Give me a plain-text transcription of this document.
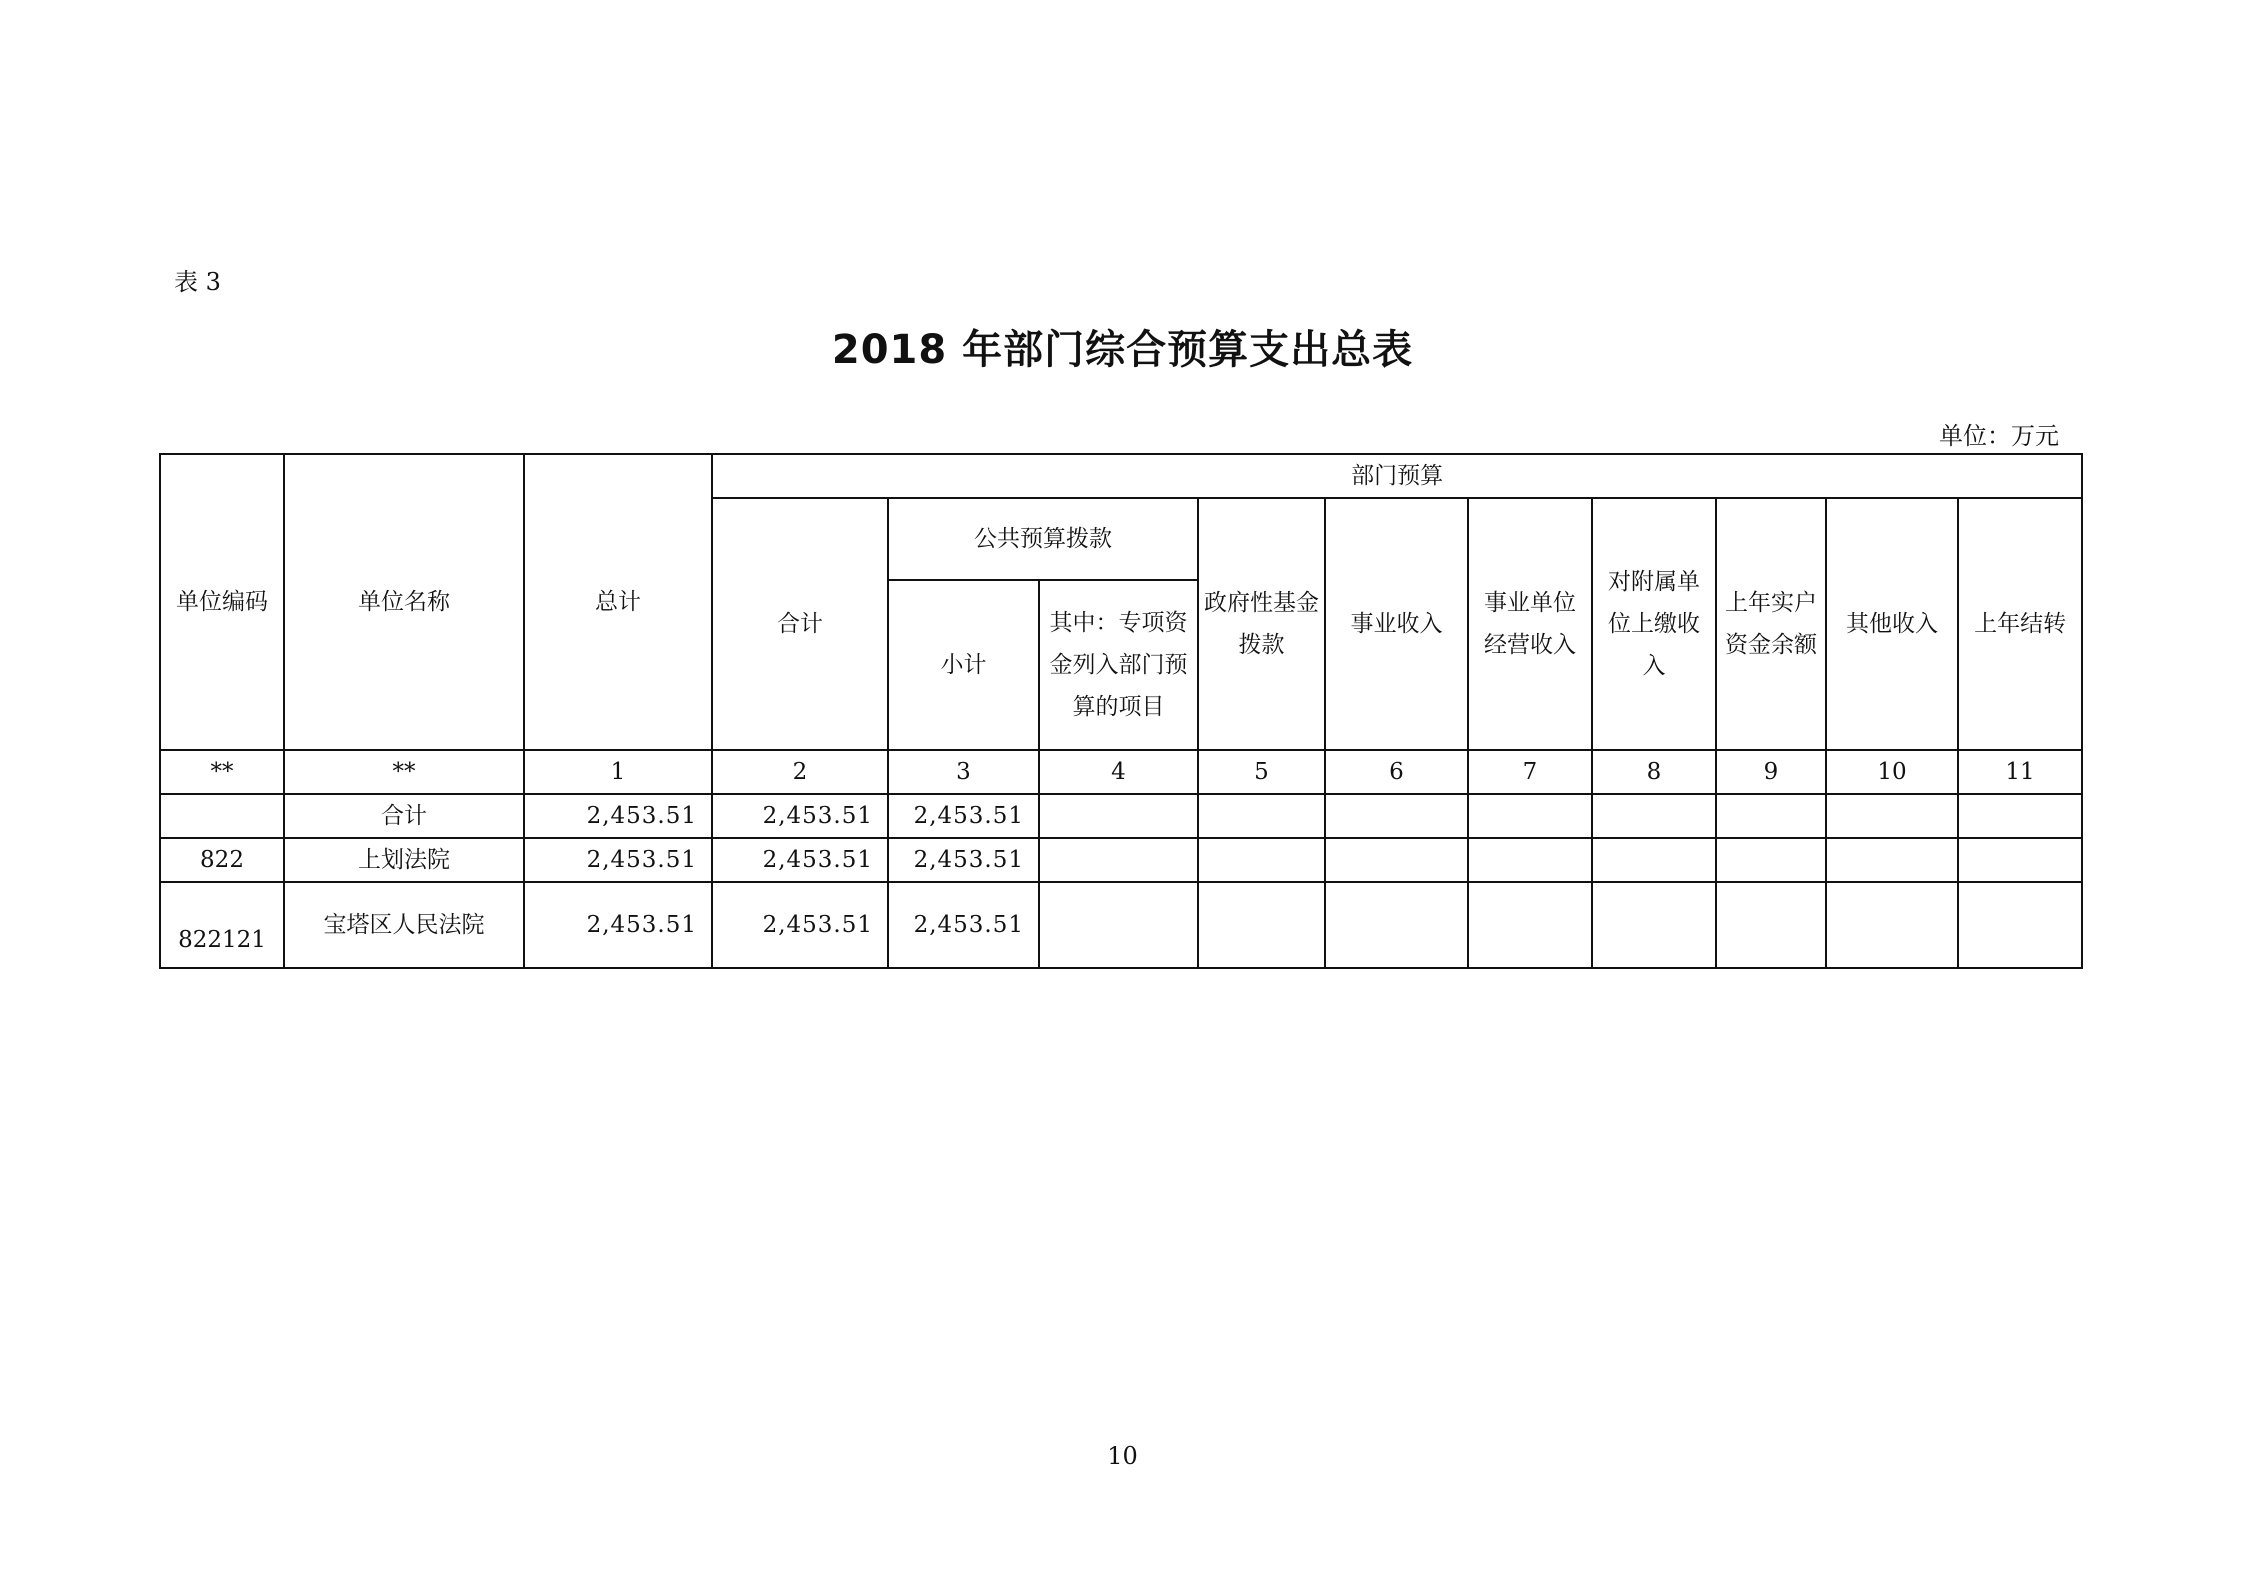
表 3
2018 年部门综合预算支出总表
单位：万元
单位编码	单位名称	总计	部门预算									
			合计	公共预算拨款		政府性基金拨款	事业收入	事业单位经营收入	对附属单位上缴收入	上年实户资金余额	其他收入	上年结转
				小计	其中：专项资金列入部门预算的项目							
**	**	1	2	3	4	5	6	7	8	9	10	11
	合计	2,453.51	2,453.51	2,453.51								
822	上划法院	2,453.51	2,453.51	2,453.51								
822121	宝塔区人民法院	2,453.51	2,453.51	2,453.51								
10
